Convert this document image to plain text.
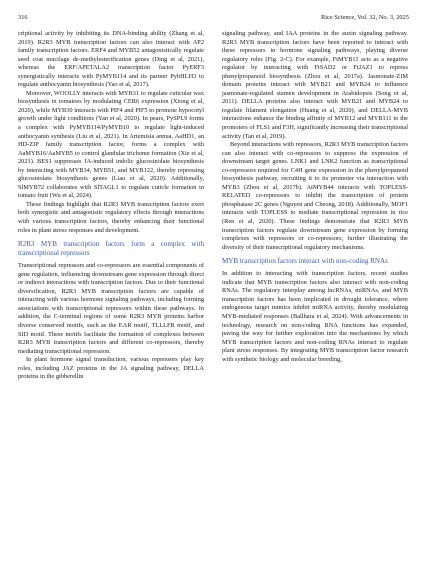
316	Rice Science, Vol. 32, No. 3, 2025

criptional activity by inhibiting its DNA-binding ability (Zhang et al, 2019). R2R3 MYB transcription factors can also interact with AP2 family transcription factors. ERF4 and MYB52 antagonistically regulate seed coat mucilage de-methylesterification genes (Ding et al, 2021), whereas the ERF/APETALA2 transcription factor PyERF3 synergistically interacts with PyMYB114 and its partner PybHLH3 to regulate anthocyanin biosynthesis (Yao et al, 2017).

Moreover, WOOLLY interacts with MYB31 to regulate cuticular wax biosynthesis in tomatoes by modulating CER6 expression (Xiong et al, 2020), while MYB30 interacts with PIF4 and PIF5 to promote hypocotyl growth under light conditions (Yan et al, 2020). In pears, PySPL9 forms a complex with PyMYB114/PyMYB10 to regulate light-induced anthocyanin synthesis (Liu et al, 2021). In Artemisia annua, AaHD1, an HD-ZIP family transcription factor, forms a complex with AaMYB16/AaMYB5 to control glandular trichome formation (Xie et al, 2021). BES1 suppresses JA-induced indolic glucosinolate biosynthesis by interacting with MYB34, MYB51, and MYB122, thereby repressing glucosinolate biosynthesis genes (Liao et al, 2020). Additionally, SlMYB72 collaborates with SlTAGL1 to regulate cuticle formation in tomato fruit (Wu et al, 2024).

These findings highlight that R2R3 MYB transcription factors exert both synergistic and antagonistic regulatory effects through interactions with various transcription factors, thereby enhancing their functional roles in plant stress responses and development.

R2R3 MYB transcription factors form a complex with transcriptional repressors

Transcriptional repressors and co-repressors are essential components of gene regulation, influencing downstream gene expression through direct or indirect interactions with transcription factors. Due to their functional diversification, R2R3 MYB transcription factors are capable of interacting with various hormone signaling pathways, including forming associations with transcriptional repressors within these pathways. In addition, the C-terminal regions of some R2R3 MYB proteins harbor diverse conserved motifs, such as the EAR motif, TLLLFR motif, and SID motif. These motifs facilitate the formation of complexes between R2R3 MYB transcription factors and different co-repressors, thereby mediating transcriptional repression.

In plant hormone signal transduction, various repressors play key roles, including JAZ proteins in the JA signaling pathway, DELLA proteins in the gibberellin

signaling pathway, and IAA proteins in the auxin signaling pathway. R2R3 MYB transcription factors have been reported to interact with these repressors in hormone signaling pathways, playing diverse regulatory roles (Fig. 2-C). For example, FtMYB11 acts as a negative regulator by interacting with FtSAD2 or FtJAZ1 to repress phenylpropanoid biosynthesis (Zhou et al, 2017a). Jasmonate-ZIM domain proteins interact with MYB21 and MYB24 to influence jasmonate-regulated stamen development in Arabidopsis (Song et al, 2011). DELLA proteins also interact with MYB21 and MYB24 to regulate filament elongation (Huang et al, 2020), and DELLA-MYB interactions enhance the binding affinity of MYB12 and MYB111 to the promoters of FLS1 and F3H, significantly increasing their transcriptional activity (Tan et al, 2019).

Beyond interactions with repressors, R2R3 MYB transcription factors can also interact with co-repressors to suppress the expression of downstream target genes. LNK1 and LNK2 function as transcriptional co-repressors required for C4H gene expression in the phenylpropanoid biosynthesis pathway, recruiting it to its promoter via interaction with MYB3 (Zhou et al, 2017b). AtMYB44 interacts with TOPLESS-RELATED co-repressors to inhibit the transcription of protein phosphatase 2C genes (Nguyen and Cheong, 2018). Additionally, MOF1 interacts with TOPLESS to mediate transcriptional repression in rice (Ren et al, 2020). These findings demonstrate that R2R3 MYB transcription factors regulate downstream gene expression by forming complexes with repressors or co-repressors, further illustrating the diversity of their transcriptional regulatory mechanisms.

MYB transcription factors interact with non-coding RNAs

In addition to interacting with transcription factors, recent studies indicate that MYB transcription factors also interact with non-coding RNAs. The regulatory interplay among lncRNAs, miRNAs, and MYB transcription factors has been implicated in drought tolerance, where endogenous target mimics inhibit miRNA activity, thereby modulating MYB-mediated responses (Ballhara et al, 2024). With advancements in technology, research on non-coding RNA functions has expanded, paving the way for further exploration into the mechanisms by which MYB transcription factors and non-coding RNAs interact to regulate plant stress responses. By integrating MYB transcription factor research with synthetic biology and molecular breeding,
